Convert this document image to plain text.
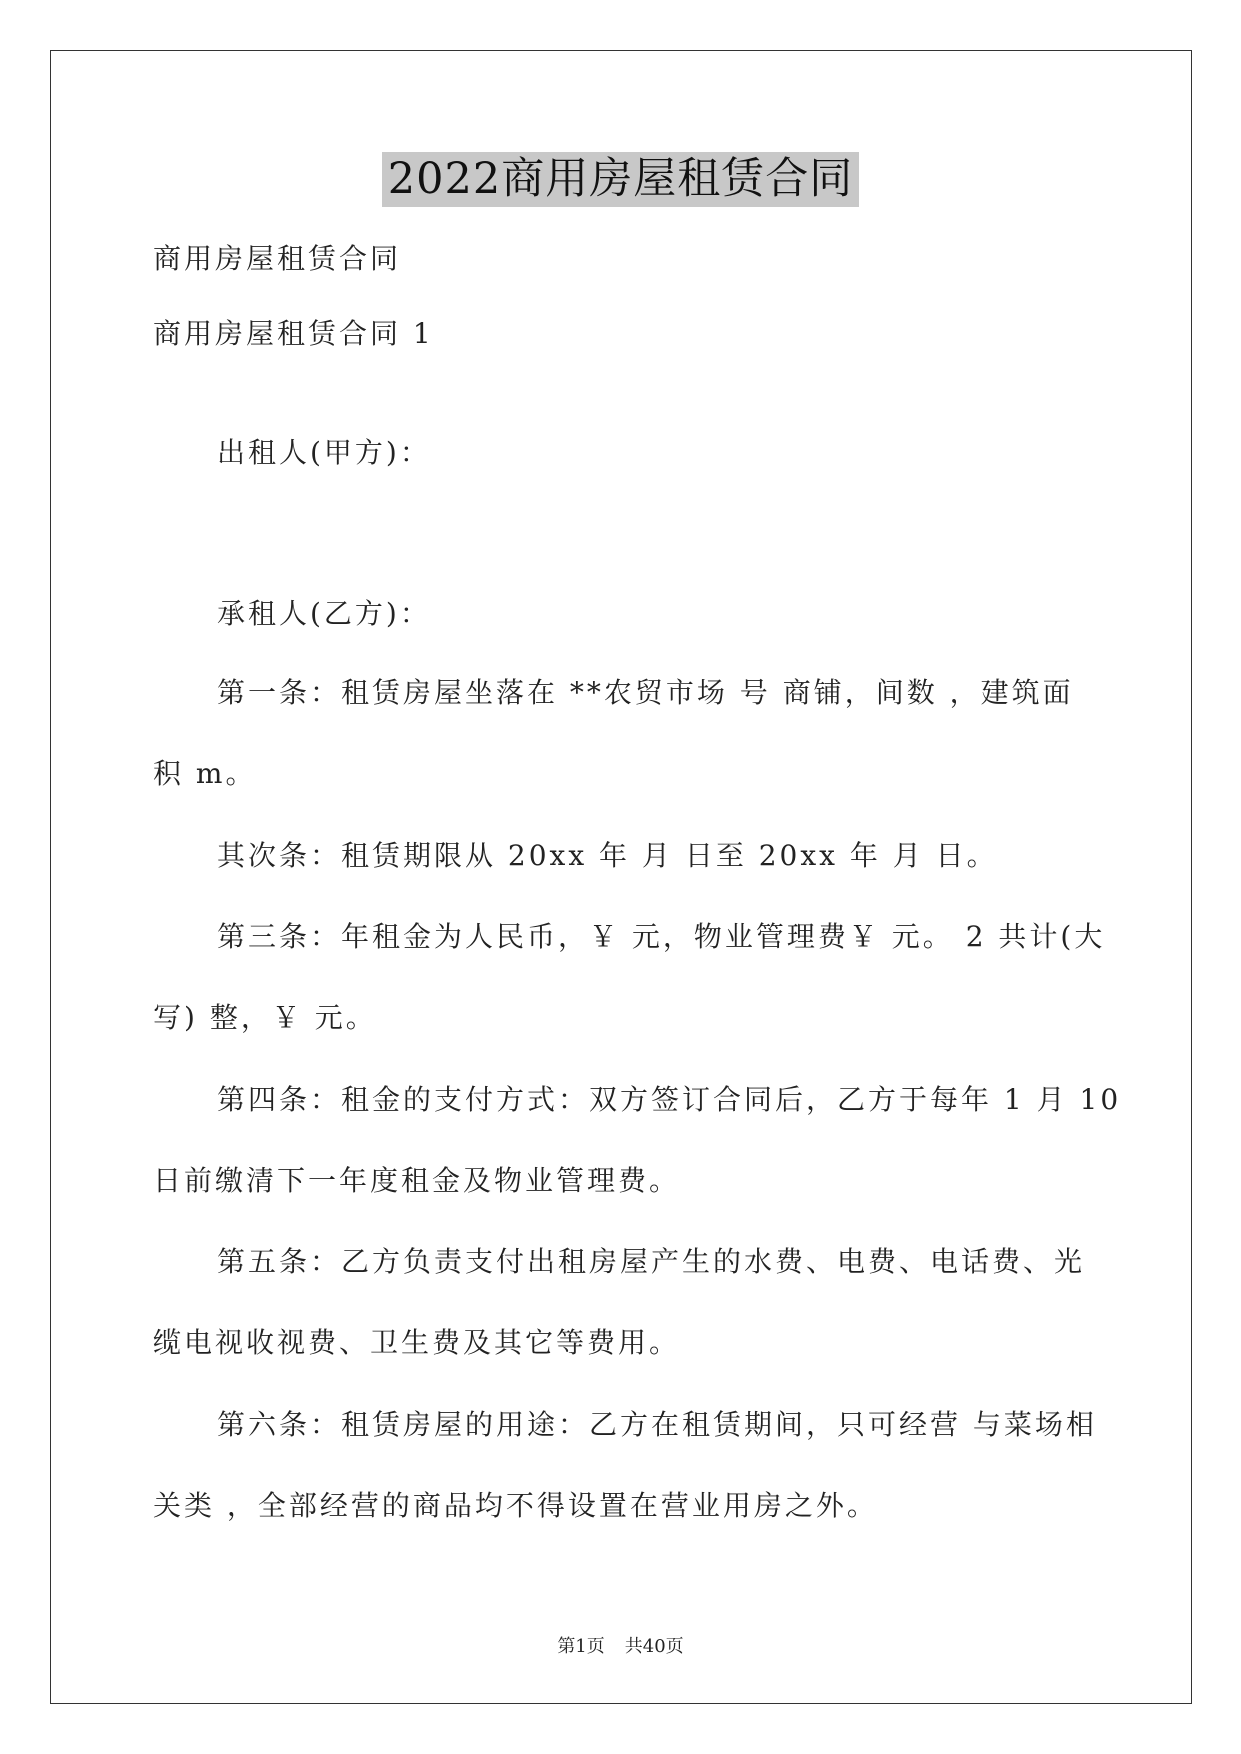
2022商用房屋租赁合同
商用房屋租赁合同
商用房屋租赁合同 1
出租人(甲方)：
承租人(乙方)：
第一条：租赁房屋坐落在 **农贸市场 号 商铺，间数 ，建筑面
积 m。
其次条：租赁期限从 20xx 年 月 日至 20xx 年 月 日。
第三条：年租金为人民币，￥ 元，物业管理费￥ 元。 2 共计(大
写) 整，￥ 元。
第四条：租金的支付方式：双方签订合同后，乙方于每年 1 月 10
日前缴清下一年度租金及物业管理费。
第五条：乙方负责支付出租房屋产生的水费、电费、电话费、光
缆电视收视费、卫生费及其它等费用。
第六条：租赁房屋的用途：乙方在租赁期间，只可经营 与菜场相
关类 ，全部经营的商品均不得设置在营业用房之外。
第1页 共40页
